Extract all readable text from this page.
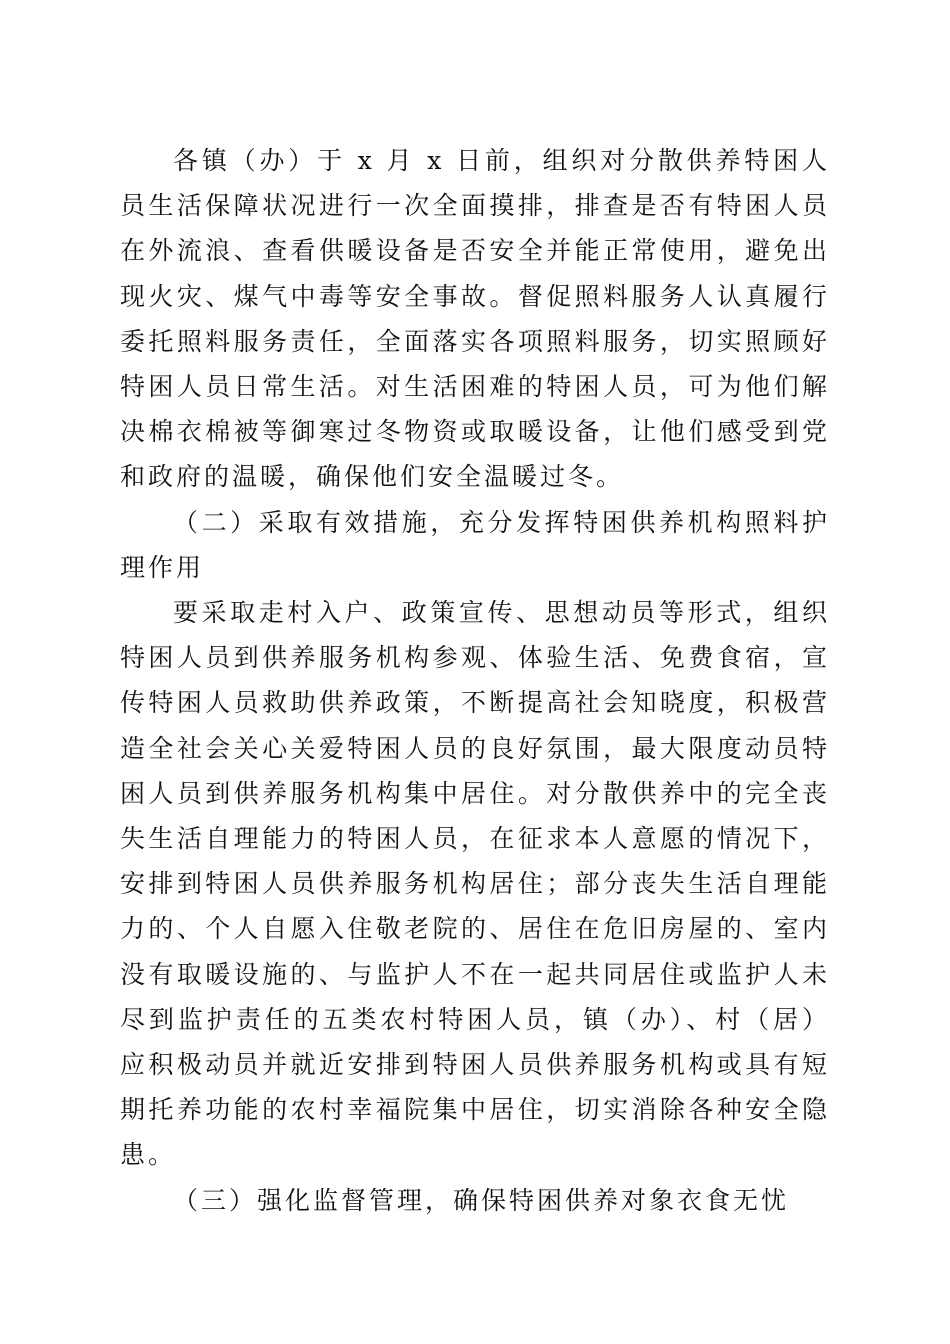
各镇（办）于 x 月 x 日前，组织对分散供养特困人员生活保障状况进行一次全面摸排，排查是否有特困人员在外流浪、查看供暖设备是否安全并能正常使用，避免出现火灾、煤气中毒等安全事故。督促照料服务人认真履行委托照料服务责任，全面落实各项照料服务，切实照顾好特困人员日常生活。对生活困难的特困人员，可为他们解决棉衣棉被等御寒过冬物资或取暖设备，让他们感受到党和政府的温暖，确保他们安全温暖过冬。

（二）采取有效措施，充分发挥特困供养机构照料护理作用

要采取走村入户、政策宣传、思想动员等形式，组织特困人员到供养服务机构参观、体验生活、免费食宿，宣传特困人员救助供养政策，不断提高社会知晓度，积极营造全社会关心关爱特困人员的良好氛围，最大限度动员特困人员到供养服务机构集中居住。对分散供养中的完全丧失生活自理能力的特困人员，在征求本人意愿的情况下，安排到特困人员供养服务机构居住；部分丧失生活自理能力的、个人自愿入住敬老院的、居住在危旧房屋的、室内没有取暖设施的、与监护人不在一起共同居住或监护人未尽到监护责任的五类农村特困人员，镇（办）、村（居）应积极动员并就近安排到特困人员供养服务机构或具有短期托养功能的农村幸福院集中居住，切实消除各种安全隐患。

（三）强化监督管理，确保特困供养对象衣食无忧
